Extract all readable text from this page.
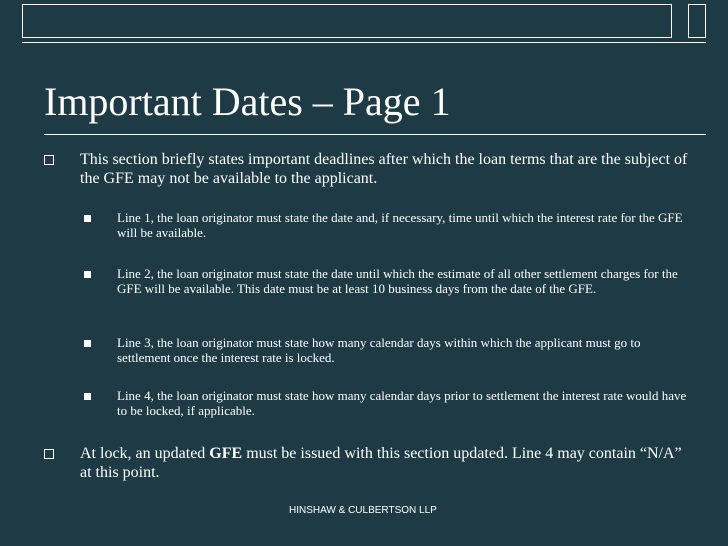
Important Dates – Page 1
This section briefly states important deadlines after which the loan terms that are the subject of the GFE may not be available to the applicant.
Line 1, the loan originator must state the date and, if necessary, time until which the interest rate for the GFE will be available.
Line 2, the loan originator must state the date until which the estimate of all other settlement charges for the GFE will be available. This date must be at least 10 business days from the date of the GFE.
Line 3, the loan originator must state how many calendar days within which the applicant must go to settlement once the interest rate is locked.
Line 4, the loan originator must state how many calendar days prior to settlement the interest rate would have to be locked, if applicable.
At lock, an updated GFE must be issued with this section updated. Line 4 may contain “N/A” at this point.
HINSHAW & CULBERTSON LLP
